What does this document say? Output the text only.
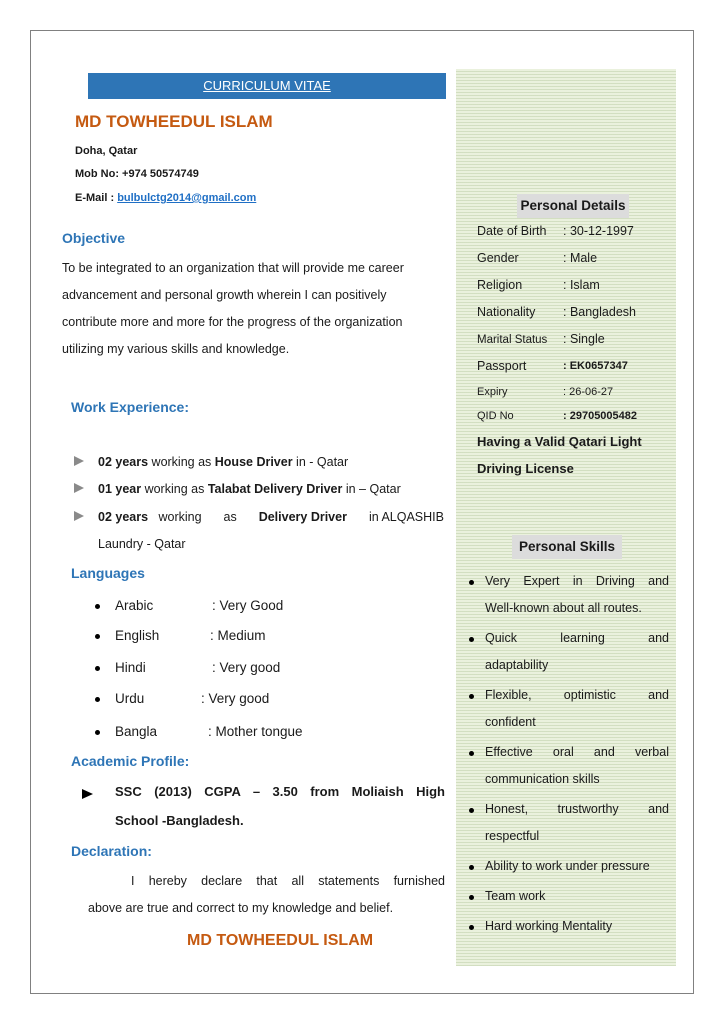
CURRICULUM VITAE
MD TOWHEEDUL ISLAM
Doha, Qatar
Mob No: +974 50574749
E-Mail : bulbulctg2014@gmail.com
Objective
To be integrated to an organization that will provide me career
advancement and personal growth wherein I can positively
contribute more and more for the progress of the organization
utilizing my various skills and knowledge.
Work Experience:
02 years working as House Driver in - Qatar
01 year working as Talabat Delivery Driver in – Qatar
02 years working as Delivery Driver in ALQASHIB
Laundry - Qatar
Languages
Arabic	: Very Good
English	: Medium
Hindi	: Very good
Urdu	: Very good
Bangla	: Mother tongue
Academic Profile:
SSC (2013) CGPA – 3.50 from Moliaish High
School -Bangladesh.
Declaration:
I hereby declare that all statements furnished
above are true and correct to my knowledge and belief.
MD TOWHEEDUL ISLAM
Personal Details
Date of Birth : 30-12-1997
Gender	: Male
Religion	: Islam
Nationality : Bangladesh
Marital Status : Single
Passport	: EK0657347
Expiry	: 26-06-27
QID No	: 29705005482
Having a Valid Qatari Light
Driving License
Personal Skills
Very Expert in Driving and
Well-known about all routes.
Quick       learning       and
adaptability
Flexible,      optimistic      and
confident
Effective   oral   and   verbal
communication skills
Honest,     trustworthy     and
respectful
Ability to work under pressure
Team work
Hard working Mentality
